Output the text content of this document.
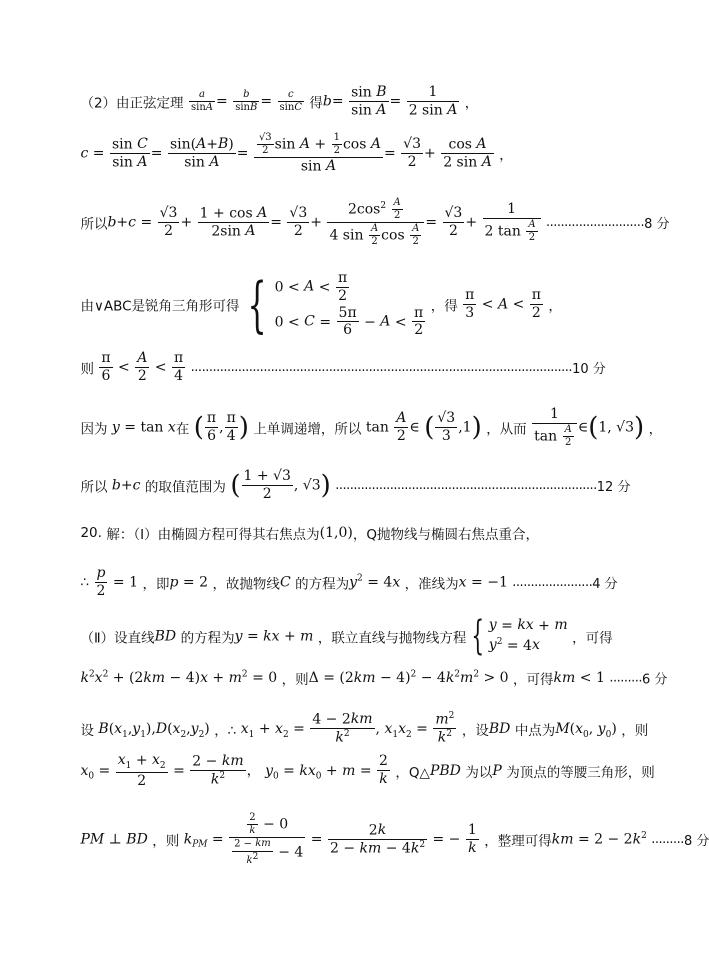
（2）由正弦定理 $\frac{a}{\sin A} = \frac{b}{\sin B} = \frac{c}{\sin C}$ 得$b= \frac{\text{sin B}}{\text{sin A}} = \frac{1}{\text{2 sin A}}$ ，
$c = \frac{\text{sin C}}{\text{sin A}} = \frac{\sin(A+B)}{\text{sin A}} = \frac{\frac{√3}{2} \sin A + \frac{1}{2} \cos A}{\text{sin A}} = \frac{√3}{2} + \frac{\text{cos A}}{\text{2 sin A}}$ ，
所以$b+c = \frac{√3}{2} + \frac{\text{1 + cos A}}{\text{2sin A}} = \frac{√3}{2} + \frac{2\cos^2 \frac{A}{2}}{4 \sin \frac{A}{2} \cos \frac{A}{2}} = \frac{√3}{2} + \frac{1}{2 \tan \frac{A}{2}} ...........................8$ 分
由∨ABC是锐角三角形可得 { $0 < A < \frac{\pi}{2}$
$0 < C = \frac{5\pi}{6} - A < \frac{\pi}{2}$ ，得 $\frac{\pi}{3} < A < \frac{\pi}{2}$ ，
则 $\frac{\pi}{6} < \frac{A}{2} < \frac{\pi}{4} .........................................................................................................10$ 分
因为 y = tan x在 ( $\frac{\pi}{6}$ , $\frac{\pi}{4}$ ) 上单调递增，所以 $\tan \frac{A}{2}$ ∈ ( $\frac{√3}{3} ,1$) ，从而 $\frac{1}{\tan \frac{A}{2}}$ ∈(1, √3) ，
所以 b+c 的取值范围为 ( $\frac{1 + √3}{2}$ , √3) ........................................................................12 分
20. 解：（Ⅰ）由椭圆方程可得其右焦点为(1,0)，Q抛物线与椭圆右焦点重合，
∴ $\frac{p}{2} = 1$ ，即p = 2 ，故抛物线C 的方程为$y^2 = 4x$ ，准线为x = −1 ......................4 分
（Ⅱ）设直线BD 的方程为y = kx + m ，联立直线与抛物线方程 { y = kx + m
$y^2 = 4x$	，可得
$k^2x^2 + (2km - 4)x + m^2 = 0$ ，则$\Delta = (2km - 4)^2 - 4k^2m^2 > 0$ ，可得km < 1 .........6 分
设 $B(x_1,y_1),D(x_2,y_2)$ ，∴ $x_1 + x_2 = \frac{4 - 2km}{k^2}$ , $x_1x_2 = \frac{m^2}{k^2}$ ，设BD 中点为$M(x_0$, $y_0$) ，则
$x_0 = \frac{x_1 + x_2}{2} = \frac{2 - km}{k^2}$ ， $y_0 = kx_0 + m = \frac{2}{k}$ ，Q△PBD 为以P 为顶点的等腰三角形，则
PM ⊥ BD ，则 $k_{PM}$ =
$\frac{2}{k} - 0$
$\frac{2 - km}{k^2} - 4$
= $\frac{2k}{2 - km - 4k^2}$ = − $\frac{1}{k}$ ，整理可得km = $2 - 2k^2$ .........8 分
